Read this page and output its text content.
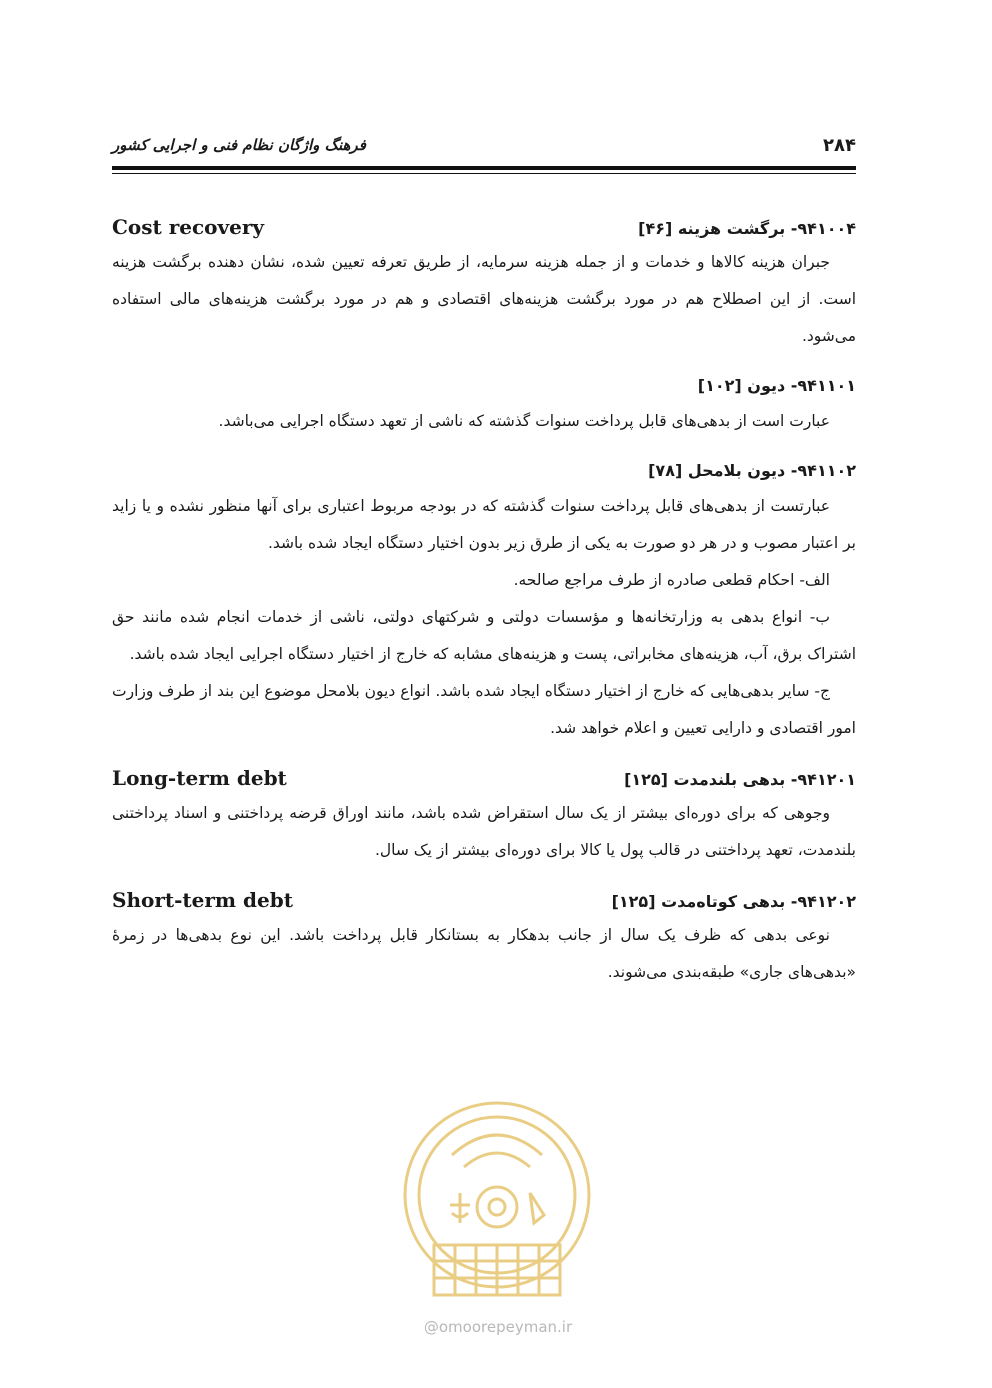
۲۸۴
فرهنگ واژگان نظام فنی و اجرایی کشور
۹۴۱۰۰۴- برگشت هزینه [۴۶]
Cost recovery

جبران هزینه کالاها و خدمات و از جمله هزینه سرمایه، از طریق تعرفه تعیین شده، نشان دهنده برگشت هزینه است. از این اصطلاح هم در مورد برگشت هزینه‌های اقتصادی و هم در مورد برگشت هزینه‌های مالی استفاده می‌شود.

۹۴۱۱۰۱- دیون [۱۰۲]

عبارت است از بدهی‌های قابل پرداخت سنوات گذشته که ناشی از تعهد دستگاه اجرایی می‌باشد.

۹۴۱۱۰۲- دیون بلامحل [۷۸]

عبارتست از بدهی‌های قابل پرداخت سنوات گذشته که در بودجه مربوط اعتباری برای آنها منظور نشده و یا زاید بر اعتبار مصوب و در هر دو صورت به یکی از طرق زیر بدون اختیار دستگاه ایجاد شده باشد.

الف- احکام قطعی صادره از طرف مراجع صالحه.

ب- انواع بدهی به وزارتخانه‌ها و مؤسسات دولتی و شرکتهای دولتی، ناشی از خدمات انجام شده مانند حق اشتراک برق، آب، هزینه‌های مخابراتی، پست و هزینه‌های مشابه که خارج از اختیار دستگاه اجرایی ایجاد شده باشد.

ج- سایر بدهی‌هایی که خارج از اختیار دستگاه ایجاد شده باشد. انواع دیون بلامحل موضوع این بند از طرف وزارت امور اقتصادی و دارایی تعیین و اعلام خواهد شد.

۹۴۱۲۰۱- بدهی بلندمدت [۱۲۵]
Long-term debt

وجوهی که برای دوره‌ای بیشتر از یک سال استقراض شده باشد، مانند اوراق قرضه پرداختنی و اسناد پرداختنی بلندمدت، تعهد پرداختنی در قالب پول یا کالا برای دوره‌ای بیشتر از یک سال.

۹۴۱۲۰۲- بدهی کوتاه‌مدت [۱۲۵]
Short-term debt

نوعی بدهی که ظرف یک سال از جانب بدهکار به بستانکار قابل پرداخت باشد. این نوع بدهی‌ها در زمرهٔ «بدهی‌های جاری» طبقه‌بندی می‌شوند.

@omoorepeyman.ir
